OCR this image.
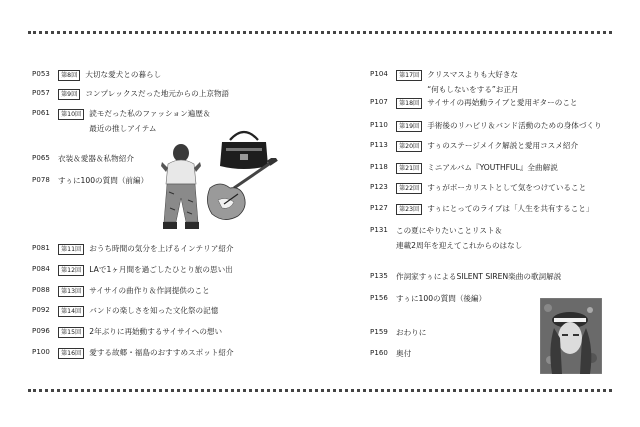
P053	第8回	大切な愛犬との暮らし
P057	第9回	コンプレックスだった地元からの上京物語
P061	第10回	読モだった私のファッション遍歴＆
最近の推しアイテム
P065	衣装＆愛器＆私物紹介
P078	すぅに100の質問（前編）
P081	第11回	おうち時間の気分を上げるインテリア紹介
P084	第12回	LAで1ヶ月間を過ごしたひとり旅の思い出
P088	第13回	サイサイの曲作り＆作詞提供のこと
P092	第14回	バンドの楽しさを知った文化祭の記憶
P096	第15回	2年ぶりに再始動するサイサイへの想い
P100	第16回	愛する故郷・福島のおすすめスポット紹介
P104	第17回	クリスマスよりも大好きな
“何もしないをする”お正月
P107	第18回	サイサイの再始動ライブと愛用ギターのこと
P110	第19回	手術後のリハビリ＆バンド活動のための身体づくり
P113	第20回	すぅのステージメイク解説と愛用コスメ紹介
P118	第21回	ミニアルバム『YOUTHFUL』全曲解説
P123	第22回	すぅがボーカリストとして気をつけていること
P127	第23回	すぅにとってのライブは「人生を共有すること」
P131	この夏にやりたいことリスト＆
連載2周年を迎えてこれからのはなし
P135	作詞家すぅによるSILENT SIREN楽曲の歌詞解説
P156	すぅに100の質問（後編）
P159	おわりに
P160	奥付
